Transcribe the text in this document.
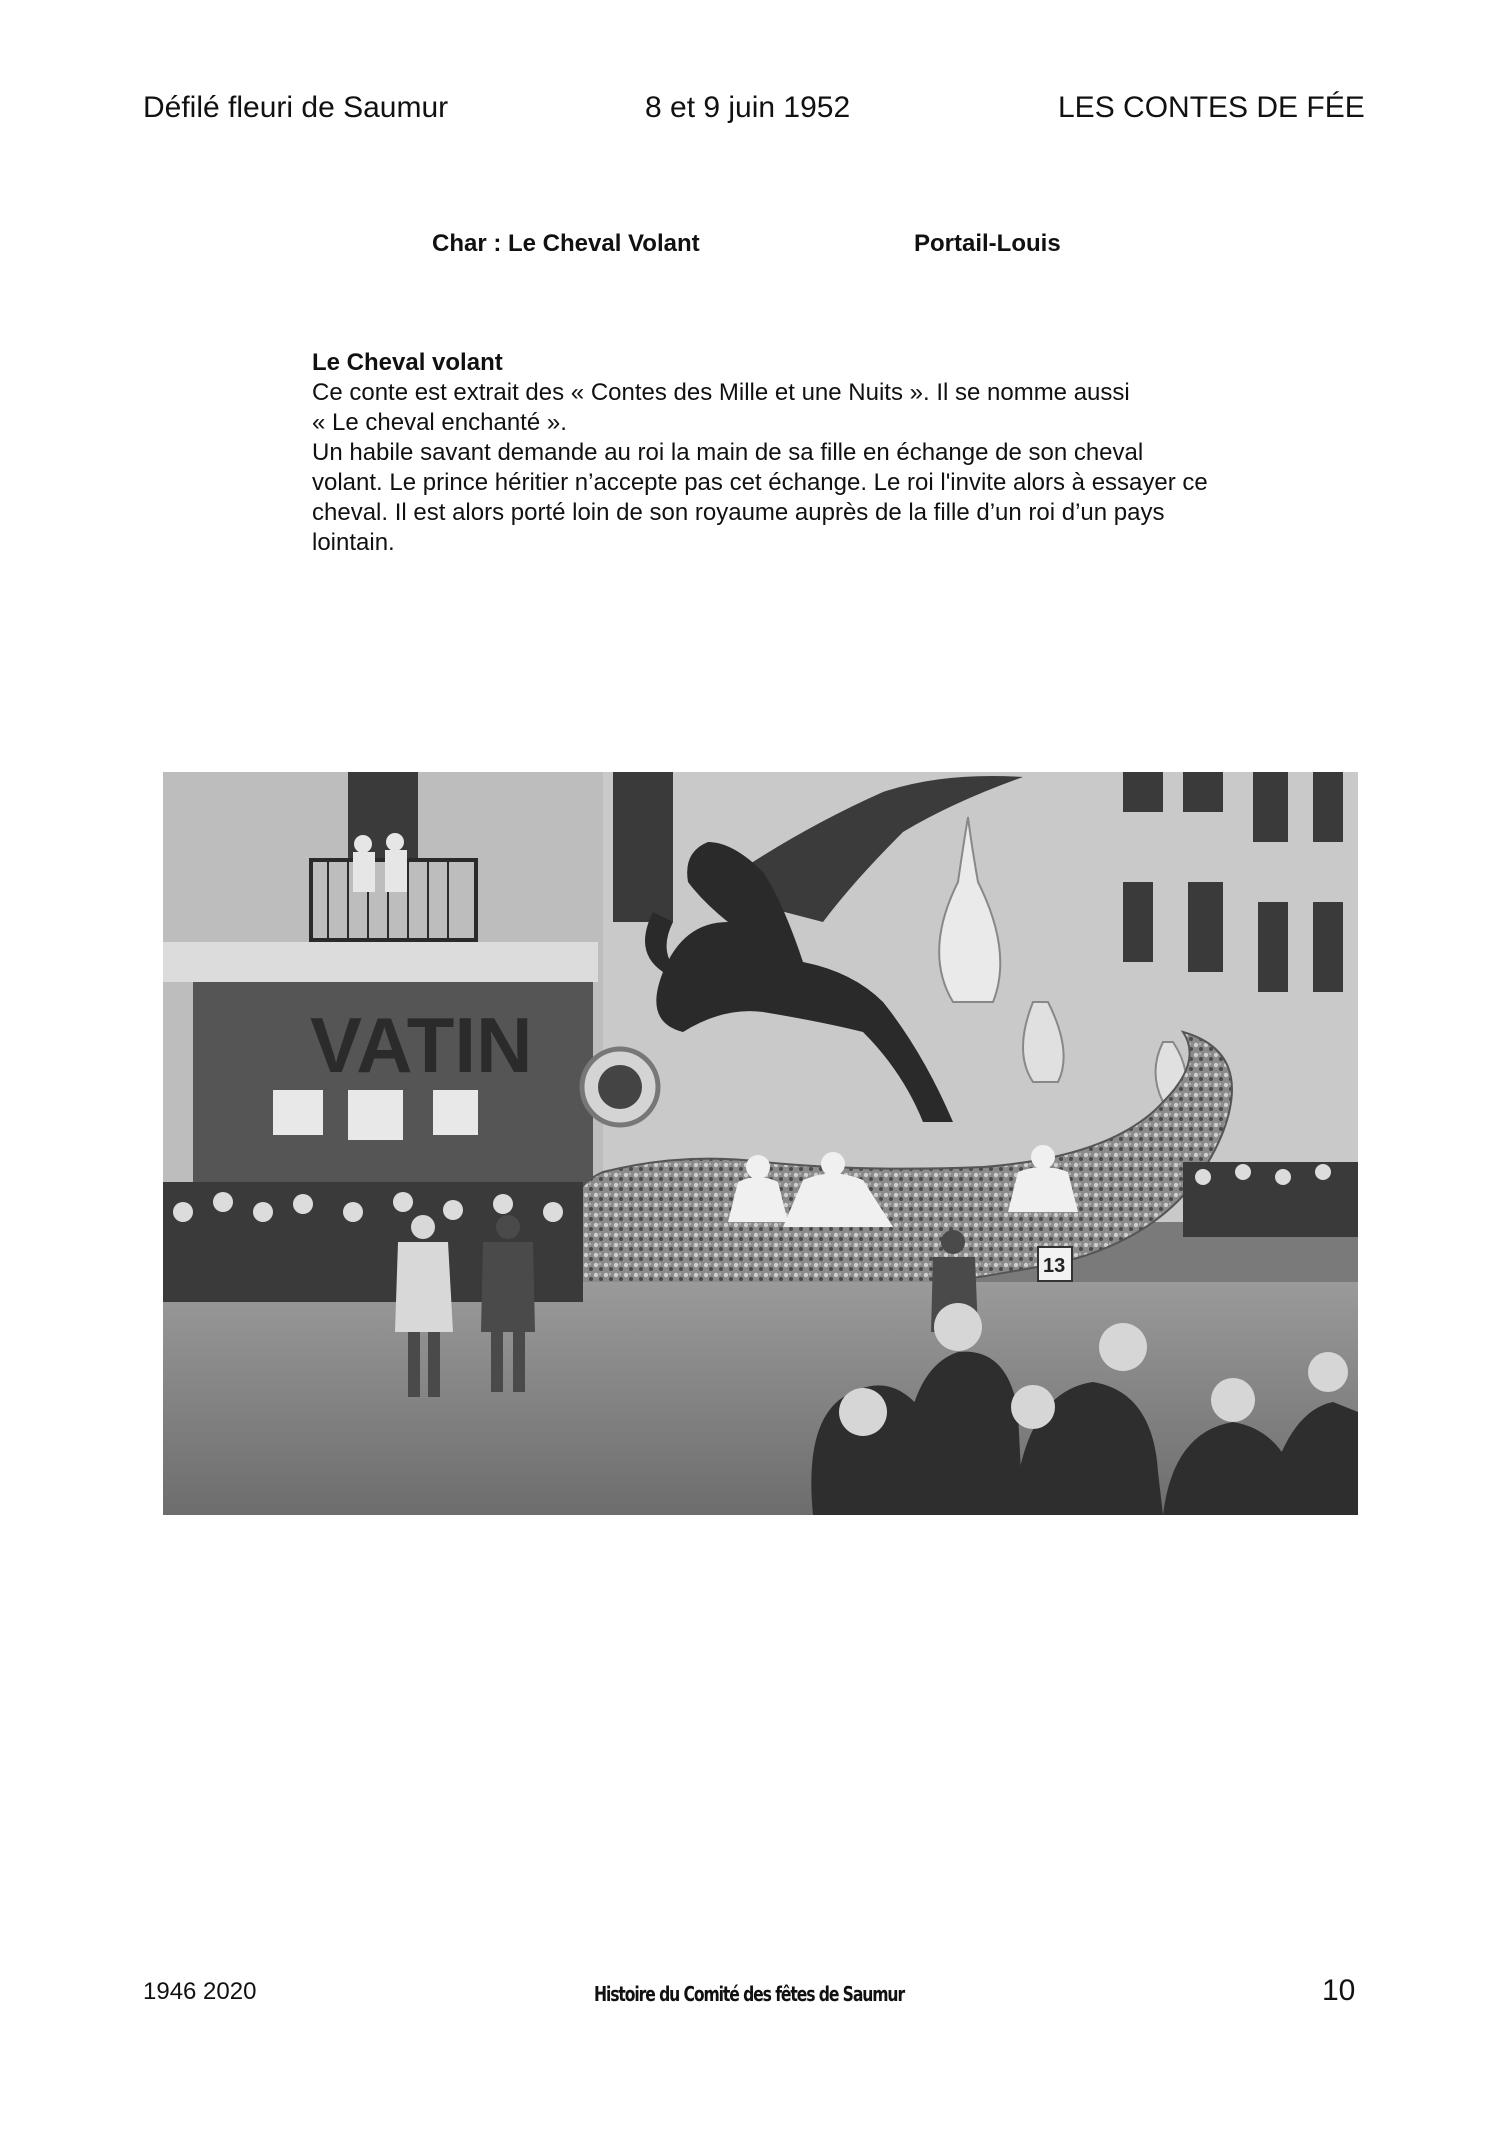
Défilé fleuri de Saumur	8 et 9 juin 1952	LES CONTES DE FÉE
Char : Le Cheval Volant	Portail-Louis
Le Cheval volant

Ce conte est extrait des « Contes des Mille et une Nuits ». Il se nomme aussi

« Le cheval enchanté ».

Un habile savant demande au roi la main de sa fille en échange de son cheval volant. Le prince héritier n’accepte pas cet échange. Le roi l'invite alors à essayer ce cheval. Il est alors porté loin de son royaume auprès de la fille d’un roi d’un pays lointain.

VATIN
13
1946 2020	Histoire du Comité des fêtes de Saumur	10
